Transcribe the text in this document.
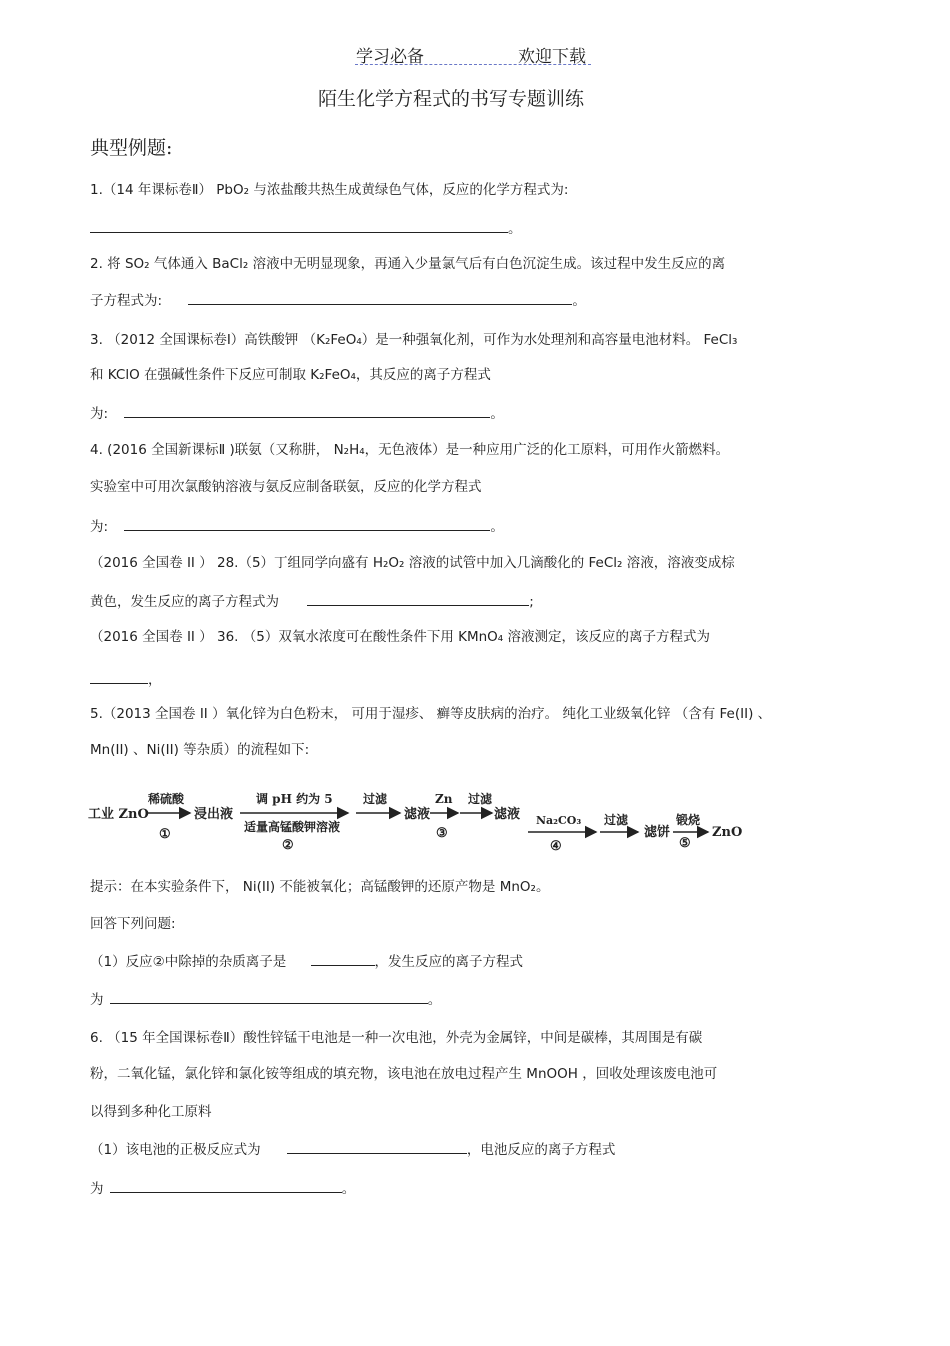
学习必备	欢迎下载
陌生化学方程式的书写专题训练
典型例题:
1.（14 年课标卷Ⅱ） PbO₂ 与浓盐酸共热生成黄绿色气体，反应的化学方程式为:
。
2. 将 SO₂ 气体通入 BaCl₂ 溶液中无明显现象，再通入少量氯气后有白色沉淀生成。该过程中发生反应的离
子方程式为:	。
3. （2012 全国课标卷Ⅰ）高铁酸钾 （K₂FeO₄）是一种强氧化剂，可作为水处理剂和高容量电池材料。 FeCl₃
和 KClO 在强碱性条件下反应可制取 K₂FeO₄，其反应的离子方程式
为:	。
4. (2016 全国新课标Ⅱ )联氨（又称肼， N₂H₄，无色液体）是一种应用广泛的化工原料，可用作火箭燃料。
实验室中可用次氯酸钠溶液与氨反应制备联氨，反应的化学方程式
为:	。
（2016 全国卷 II ） 28.（5）丁组同学向盛有 H₂O₂ 溶液的试管中加入几滴酸化的 FeCl₂ 溶液，溶液变成棕
黄色，发生反应的离子方程式为	;
（2016 全国卷 II ） 36. （5）双氧水浓度可在酸性条件下用 KMnO₄ 溶液测定，该反应的离子方程式为
，
5.（2013 全国卷 II ）氧化锌为白色粉末， 可用于湿疹、 癣等皮肤病的治疗。 纯化工业级氧化锌 （含有 Fe(II) 、
Mn(II) 、Ni(II) 等杂质）的流程如下:
工业 ZnO
稀硫酸
①
浸出液
调 pH 约为 5
适量高锰酸钾溶液
②
过滤
滤液
Zn
③
过滤
滤液 Na₂CO₃
④
过滤
滤饼
锻烧
⑤
ZnO
提示：在本实验条件下， Ni(II) 不能被氧化；高锰酸钾的还原产物是 MnO₂。
回答下列问题:
（1）反应②中除掉的杂质离子是	，发生反应的离子方程式
为	。
6. （15 年全国课标卷Ⅱ）酸性锌锰干电池是一种一次电池，外壳为金属锌，中间是碳棒，其周围是有碳
粉，二氧化锰，氯化锌和氯化铵等组成的填充物，该电池在放电过程产生 MnOOH ，回收处理该废电池可
以得到多种化工原料
（1）该电池的正极反应式为	，电池反应的离子方程式
为	。
